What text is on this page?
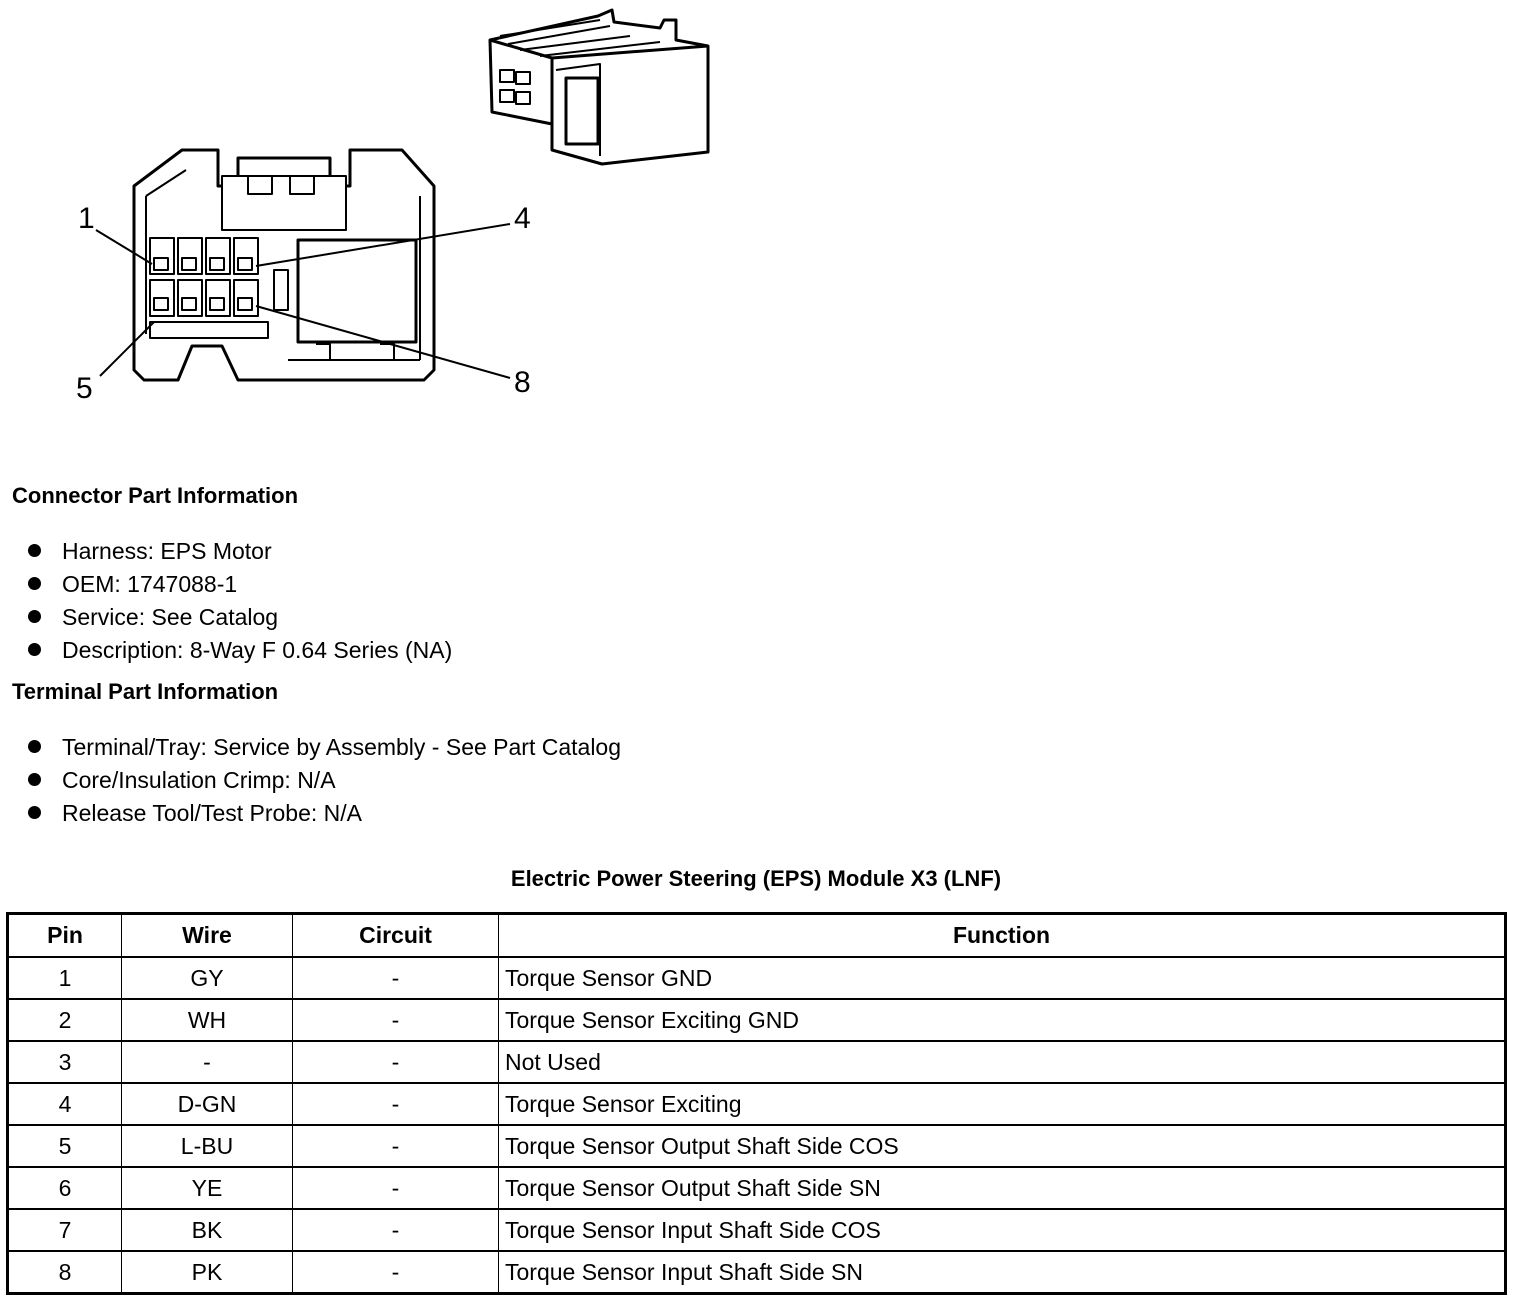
1	4
5	8
Connector Part Information
Harness: EPS Motor
OEM: 1747088-1
Service: See Catalog
Description: 8-Way F 0.64 Series (NA)
Terminal Part Information
Terminal/Tray: Service by Assembly - See Part Catalog
Core/Insulation Crimp: N/A
Release Tool/Test Probe: N/A
Electric Power Steering (EPS) Module X3 (LNF)
Pin	Wire	Circuit	Function
1	GY	-	Torque Sensor GND
2	WH	-	Torque Sensor Exciting GND
3	-	-	Not Used
4	D-GN	-	Torque Sensor Exciting
5	L-BU	-	Torque Sensor Output Shaft Side COS
6	YE	-	Torque Sensor Output Shaft Side SN
7	BK	-	Torque Sensor Input Shaft Side COS
8	PK	-	Torque Sensor Input Shaft Side SN
